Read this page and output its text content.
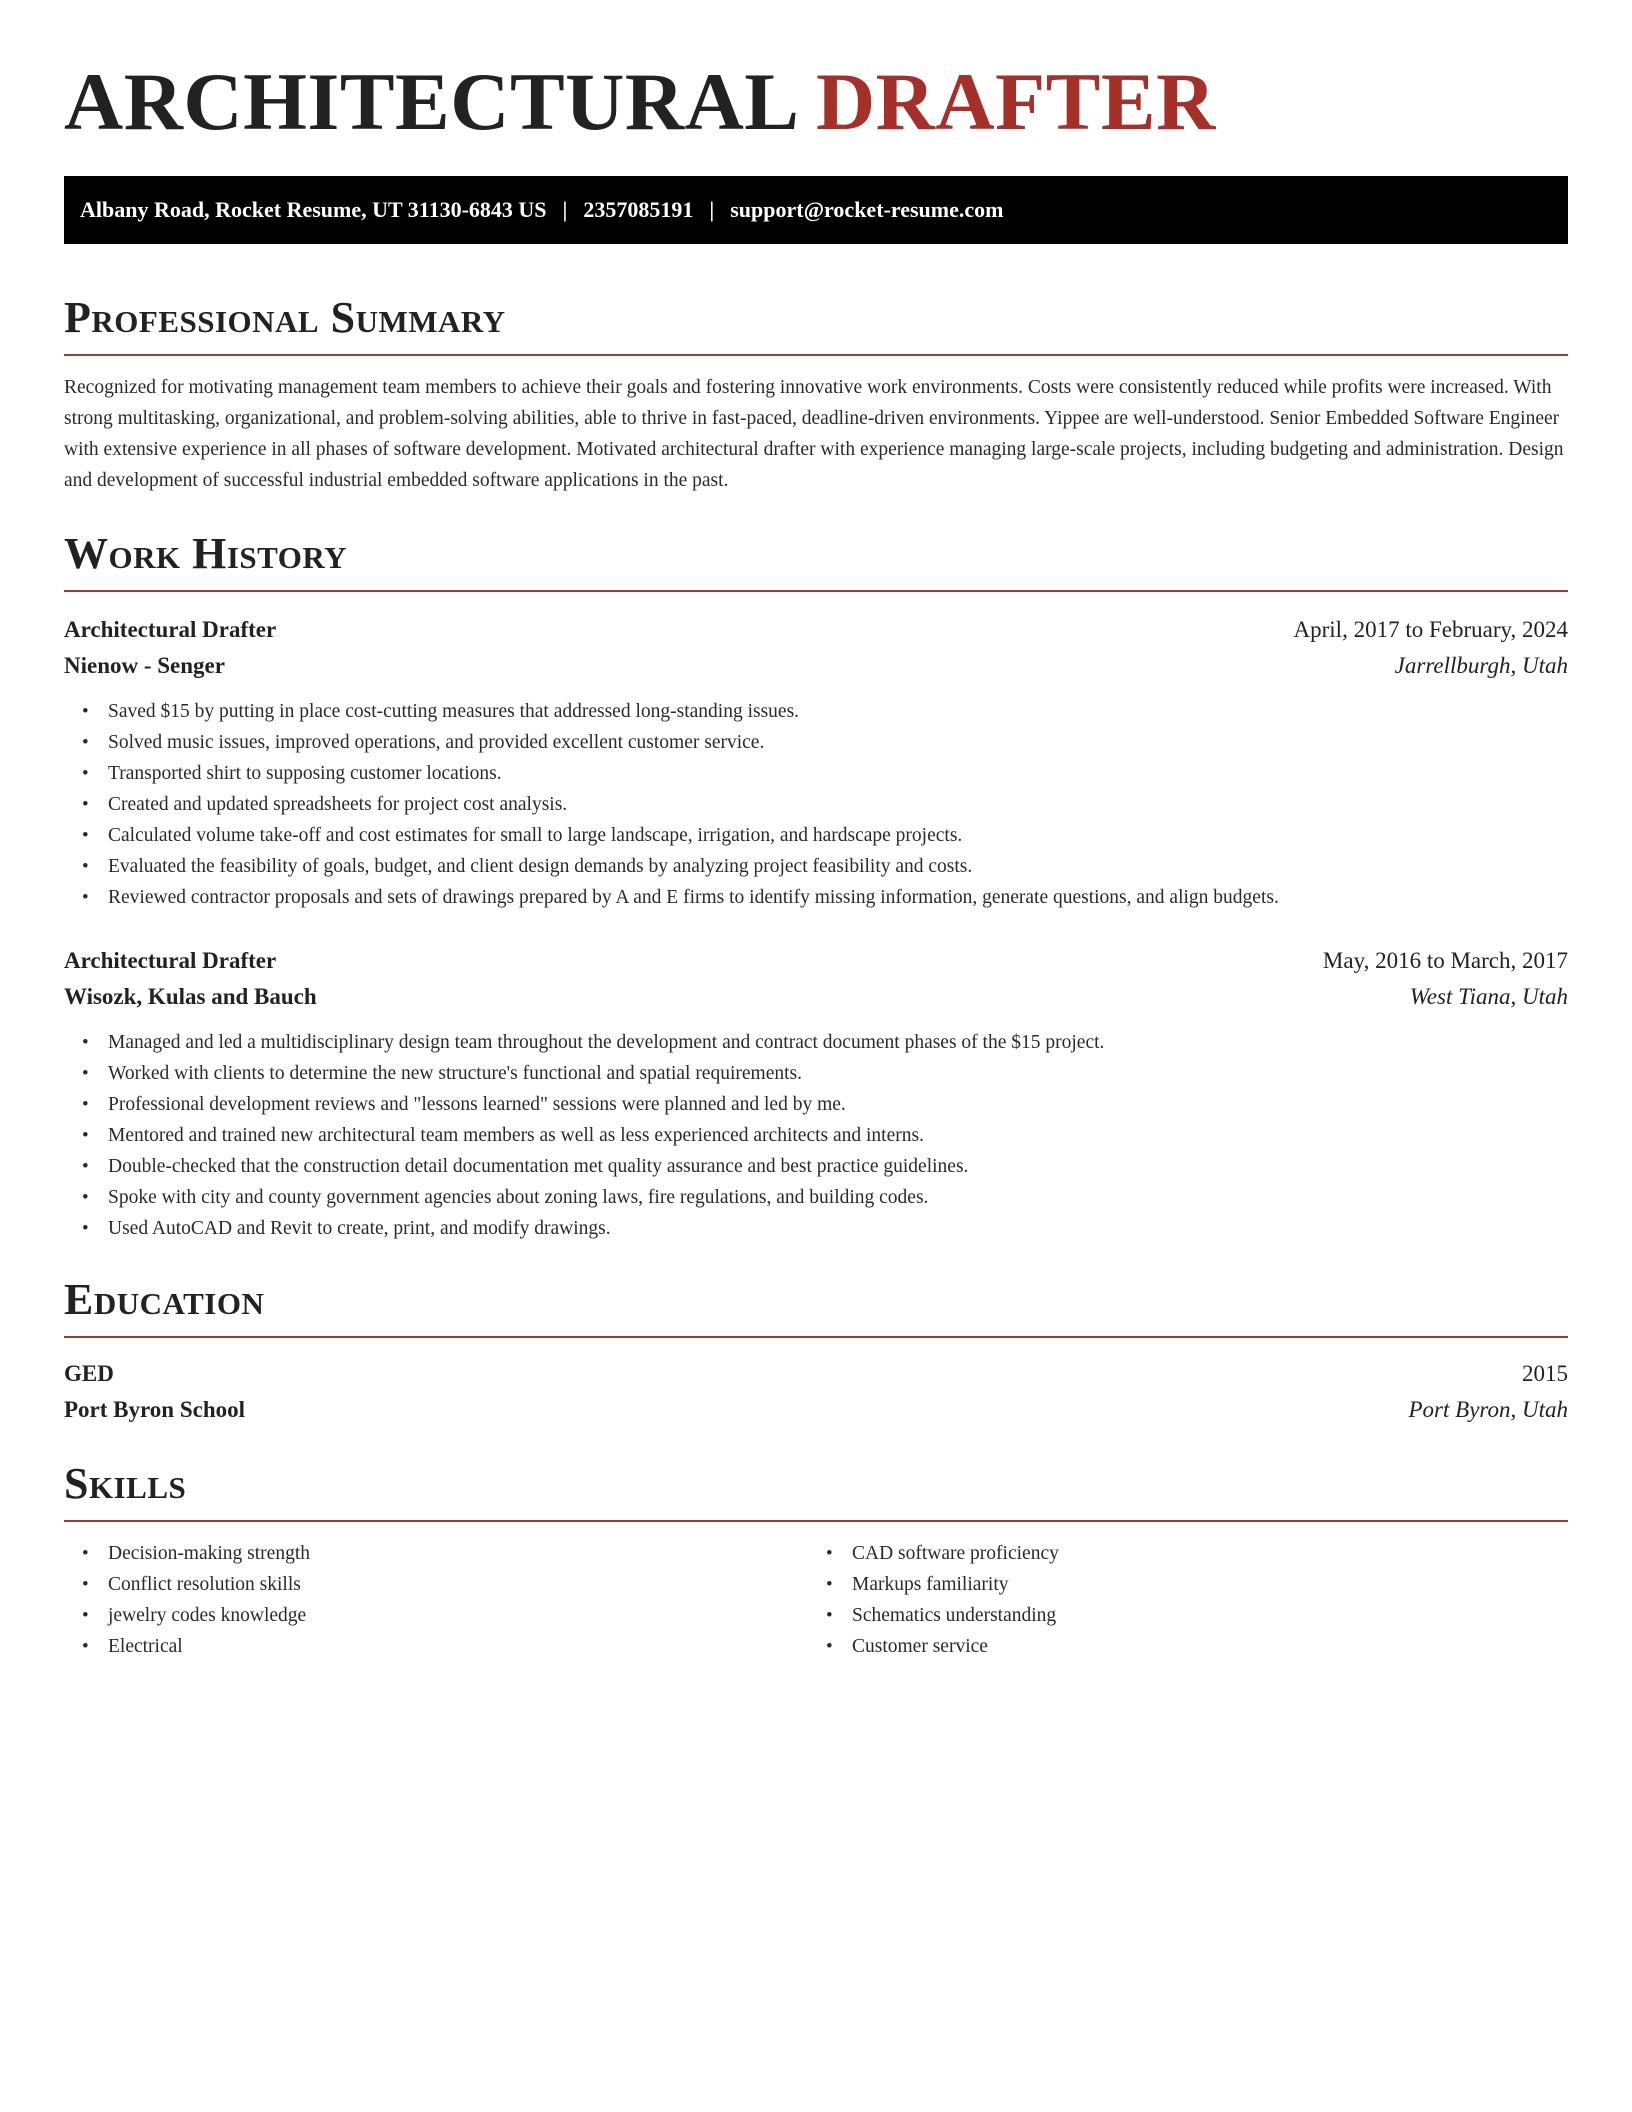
ARCHITECTURAL DRAFTER
Albany Road, Rocket Resume, UT 31130-6843 US | 2357085191 | support@rocket-resume.com
Professional Summary

Recognized for motivating management team members to achieve their goals and fostering innovative work environments. Costs were consistently reduced while profits were increased. With strong multitasking, organizational, and problem-solving abilities, able to thrive in fast-paced, deadline-driven environments. Yippee are well-understood. Senior Embedded Software Engineer with extensive experience in all phases of software development. Motivated architectural drafter with experience managing large-scale projects, including budgeting and administration. Design and development of successful industrial embedded software applications in the past.

Work History
Architectural Drafter	April, 2017 to February, 2024
Nienow - Senger	Jarrellburgh, Utah
• Saved $15 by putting in place cost-cutting measures that addressed long-standing issues.
• Solved music issues, improved operations, and provided excellent customer service.
• Transported shirt to supposing customer locations.
• Created and updated spreadsheets for project cost analysis.
• Calculated volume take-off and cost estimates for small to large landscape, irrigation, and hardscape projects.
• Evaluated the feasibility of goals, budget, and client design demands by analyzing project feasibility and costs.
• Reviewed contractor proposals and sets of drawings prepared by A and E firms to identify missing information, generate questions, and align budgets.
Architectural Drafter	May, 2016 to March, 2017
Wisozk, Kulas and Bauch	West Tiana, Utah
• Managed and led a multidisciplinary design team throughout the development and contract document phases of the $15 project.
• Worked with clients to determine the new structure's functional and spatial requirements.
• Professional development reviews and "lessons learned" sessions were planned and led by me.
• Mentored and trained new architectural team members as well as less experienced architects and interns.
• Double-checked that the construction detail documentation met quality assurance and best practice guidelines.
• Spoke with city and county government agencies about zoning laws, fire regulations, and building codes.
• Used AutoCAD and Revit to create, print, and modify drawings.
Education
GED	2015
Port Byron School	Port Byron, Utah
Skills
• Decision-making strength
• Conflict resolution skills
• jewelry codes knowledge
• Electrical
• CAD software proficiency
• Markups familiarity
• Schematics understanding
• Customer service
